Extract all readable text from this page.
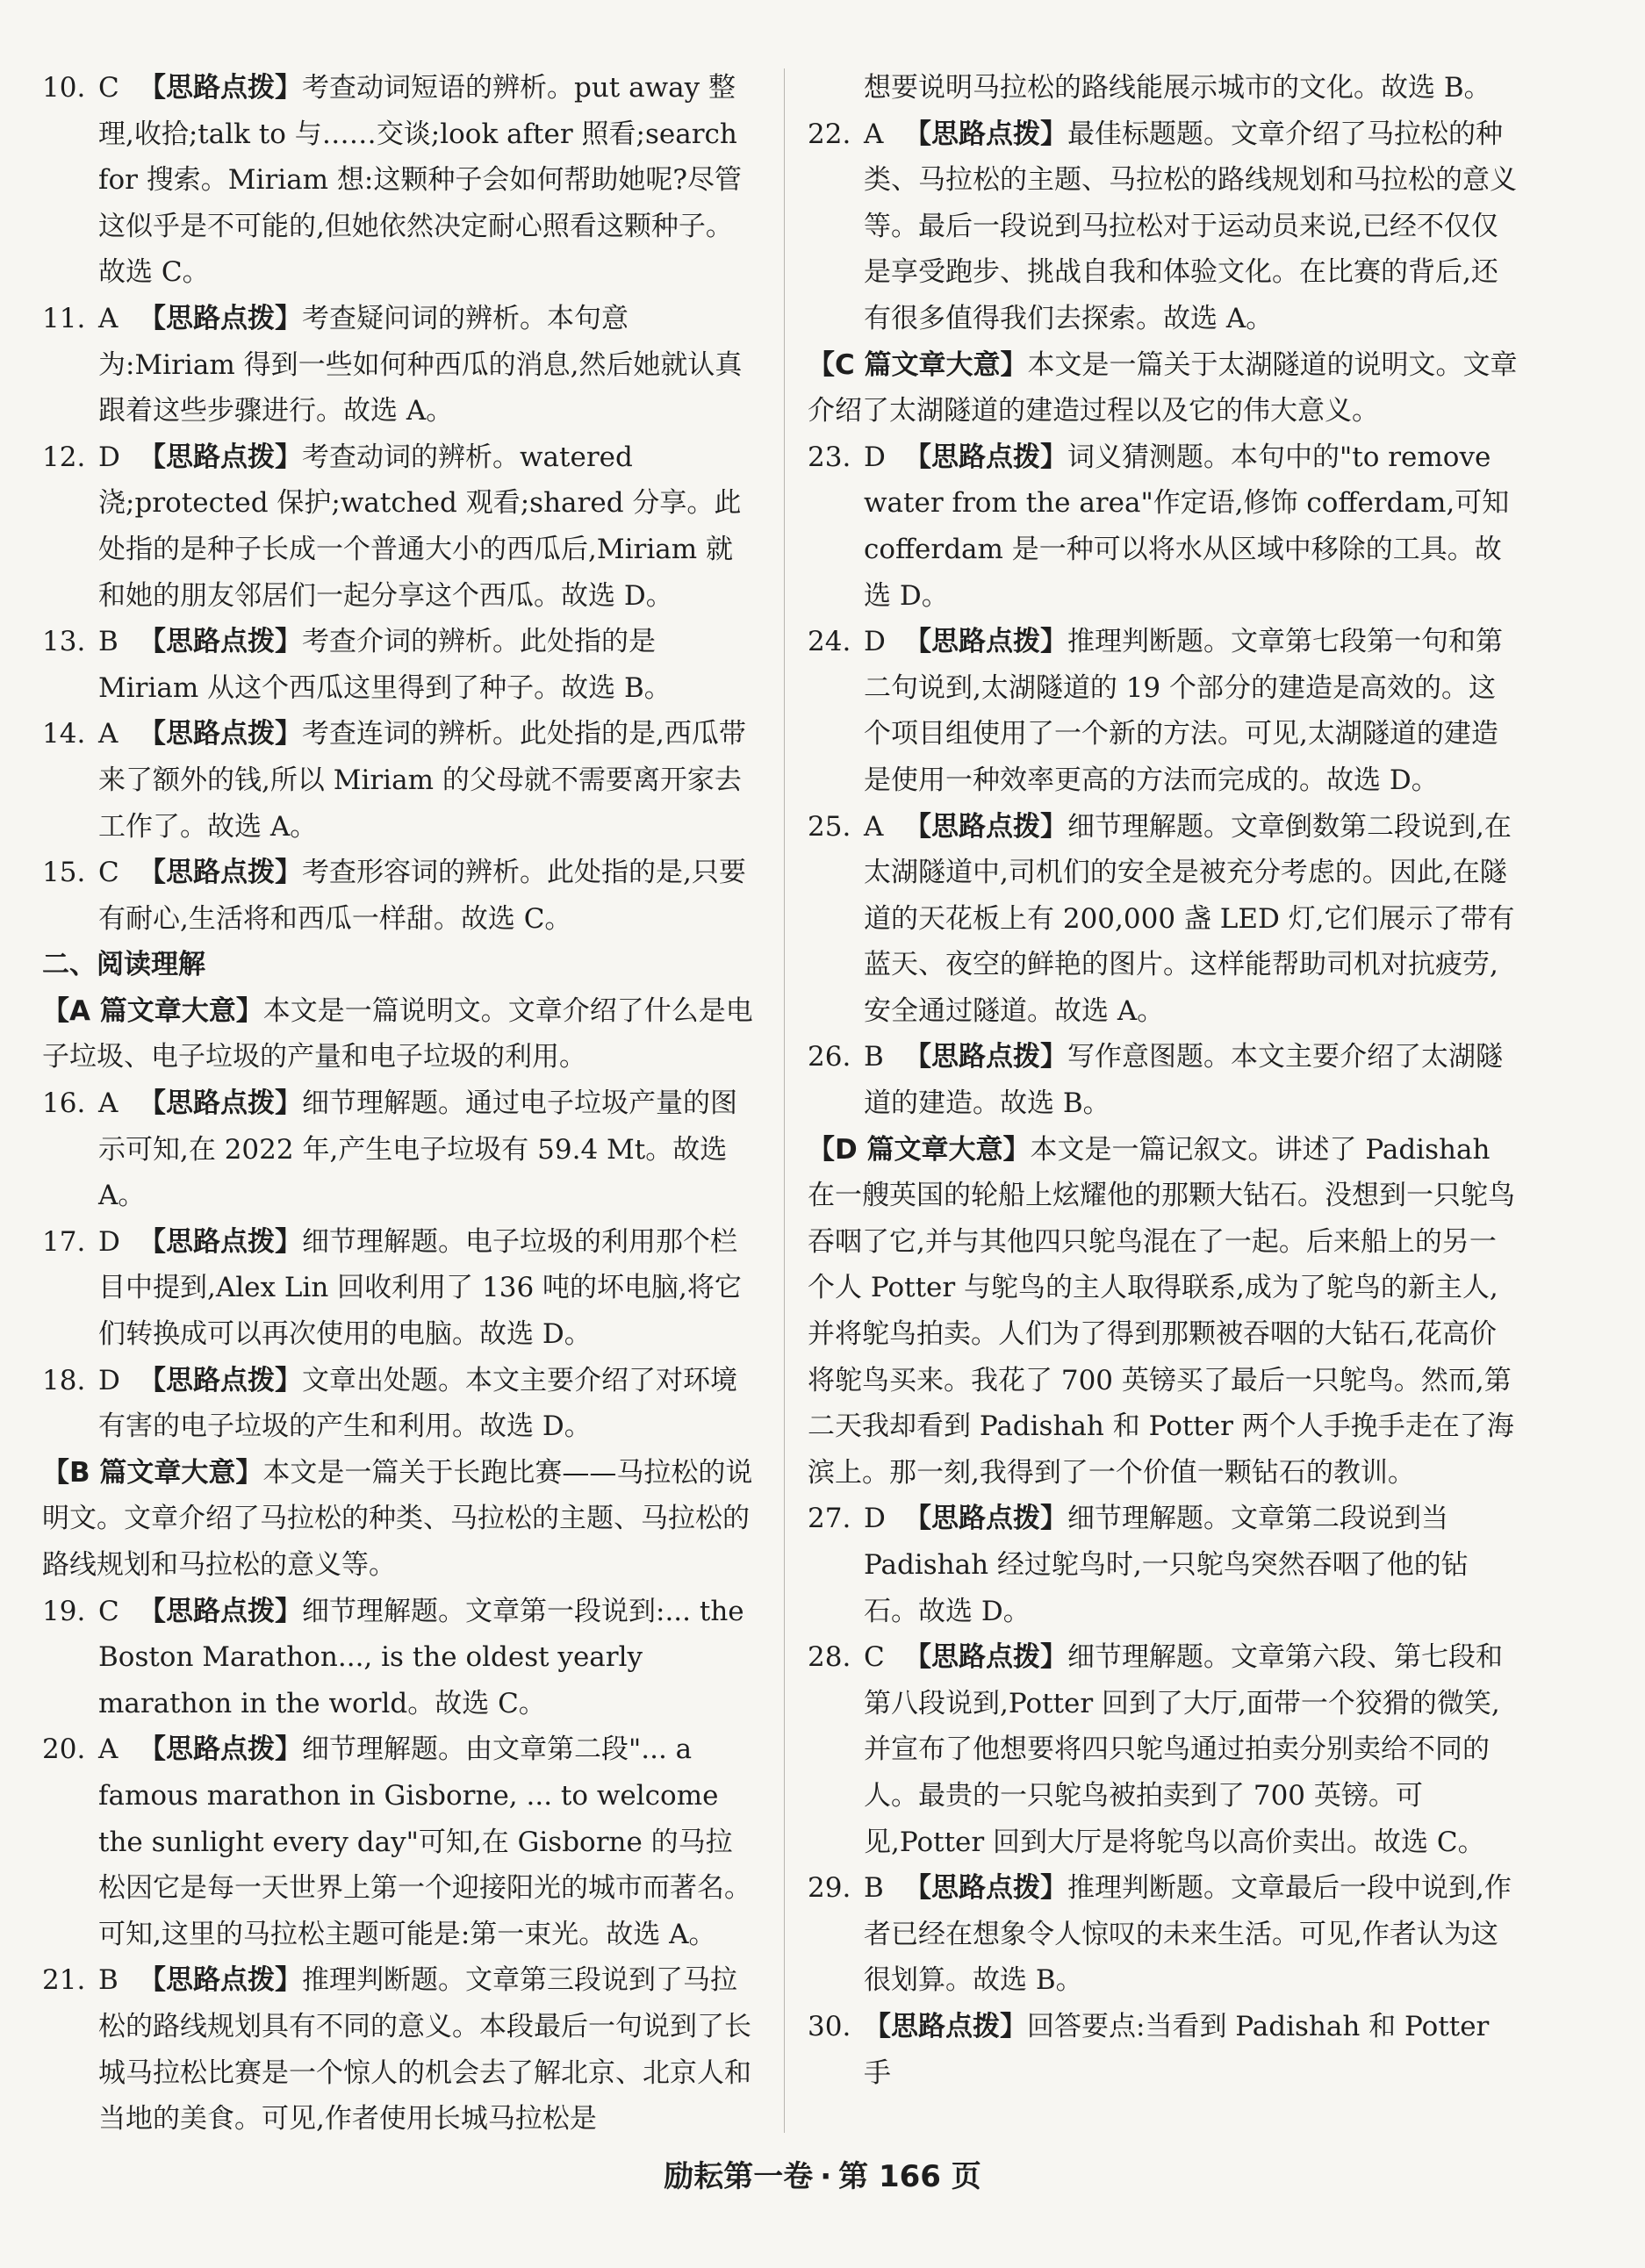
10. C 【思路点拨】考查动词短语的辨析。put away 整理,收拾;talk to 与……交谈;look after 照看;search for 搜索。Miriam 想:这颗种子会如何帮助她呢?尽管这似乎是不可能的,但她依然决定耐心照看这颗种子。故选 C。
11. A 【思路点拨】考查疑问词的辨析。本句意为:Miriam 得到一些如何种西瓜的消息,然后她就认真跟着这些步骤进行。故选 A。
12. D 【思路点拨】考查动词的辨析。watered 浇;protected 保护;watched 观看;shared 分享。此处指的是种子长成一个普通大小的西瓜后,Miriam 就和她的朋友邻居们一起分享这个西瓜。故选 D。
13. B 【思路点拨】考查介词的辨析。此处指的是 Miriam 从这个西瓜这里得到了种子。故选 B。
14. A 【思路点拨】考查连词的辨析。此处指的是,西瓜带来了额外的钱,所以 Miriam 的父母就不需要离开家去工作了。故选 A。
15. C 【思路点拨】考查形容词的辨析。此处指的是,只要有耐心,生活将和西瓜一样甜。故选 C。
二、阅读理解
【A 篇文章大意】本文是一篇说明文。文章介绍了什么是电子垃圾、电子垃圾的产量和电子垃圾的利用。
16. A 【思路点拨】细节理解题。通过电子垃圾产量的图示可知,在 2022 年,产生电子垃圾有 59.4 Mt。故选 A。
17. D 【思路点拨】细节理解题。电子垃圾的利用那个栏目中提到,Alex Lin 回收利用了 136 吨的坏电脑,将它们转换成可以再次使用的电脑。故选 D。
18. D 【思路点拨】文章出处题。本文主要介绍了对环境有害的电子垃圾的产生和利用。故选 D。
【B 篇文章大意】本文是一篇关于长跑比赛——马拉松的说明文。文章介绍了马拉松的种类、马拉松的主题、马拉松的路线规划和马拉松的意义等。
19. C 【思路点拨】细节理解题。文章第一段说到:... the Boston Marathon..., is the oldest yearly marathon in the world。故选 C。
20. A 【思路点拨】细节理解题。由文章第二段"... a famous marathon in Gisborne, ... to welcome the sunlight every day"可知,在 Gisborne 的马拉松因它是每一天世界上第一个迎接阳光的城市而著名。可知,这里的马拉松主题可能是:第一束光。故选 A。
21. B 【思路点拨】推理判断题。文章第三段说到了马拉松的路线规划具有不同的意义。本段最后一句说到了长城马拉松比赛是一个惊人的机会去了解北京、北京人和当地的美食。可见,作者使用长城马拉松是
想要说明马拉松的路线能展示城市的文化。故选 B。
22. A 【思路点拨】最佳标题题。文章介绍了马拉松的种类、马拉松的主题、马拉松的路线规划和马拉松的意义等。最后一段说到马拉松对于运动员来说,已经不仅仅是享受跑步、挑战自我和体验文化。在比赛的背后,还有很多值得我们去探索。故选 A。
【C 篇文章大意】本文是一篇关于太湖隧道的说明文。文章介绍了太湖隧道的建造过程以及它的伟大意义。
23. D 【思路点拨】词义猜测题。本句中的"to remove water from the area"作定语,修饰 cofferdam,可知 cofferdam 是一种可以将水从区域中移除的工具。故选 D。
24. D 【思路点拨】推理判断题。文章第七段第一句和第二句说到,太湖隧道的 19 个部分的建造是高效的。这个项目组使用了一个新的方法。可见,太湖隧道的建造是使用一种效率更高的方法而完成的。故选 D。
25. A 【思路点拨】细节理解题。文章倒数第二段说到,在太湖隧道中,司机们的安全是被充分考虑的。因此,在隧道的天花板上有 200,000 盏 LED 灯,它们展示了带有蓝天、夜空的鲜艳的图片。这样能帮助司机对抗疲劳,安全通过隧道。故选 A。
26. B 【思路点拨】写作意图题。本文主要介绍了太湖隧道的建造。故选 B。
【D 篇文章大意】本文是一篇记叙文。讲述了 Padishah 在一艘英国的轮船上炫耀他的那颗大钻石。没想到一只鸵鸟吞咽了它,并与其他四只鸵鸟混在了一起。后来船上的另一个人 Potter 与鸵鸟的主人取得联系,成为了鸵鸟的新主人,并将鸵鸟拍卖。人们为了得到那颗被吞咽的大钻石,花高价将鸵鸟买来。我花了 700 英镑买了最后一只鸵鸟。然而,第二天我却看到 Padishah 和 Potter 两个人手挽手走在了海滨上。那一刻,我得到了一个价值一颗钻石的教训。
27. D 【思路点拨】细节理解题。文章第二段说到当 Padishah 经过鸵鸟时,一只鸵鸟突然吞咽了他的钻石。故选 D。
28. C 【思路点拨】细节理解题。文章第六段、第七段和第八段说到,Potter 回到了大厅,面带一个狡猾的微笑,并宣布了他想要将四只鸵鸟通过拍卖分别卖给不同的人。最贵的一只鸵鸟被拍卖到了 700 英镑。可见,Potter 回到大厅是将鸵鸟以高价卖出。故选 C。
29. B 【思路点拨】推理判断题。文章最后一段中说到,作者已经在想象令人惊叹的未来生活。可见,作者认为这很划算。故选 B。
30. 【思路点拨】回答要点:当看到 Padishah 和 Potter 手
励耘第一卷 · 第 166 页
